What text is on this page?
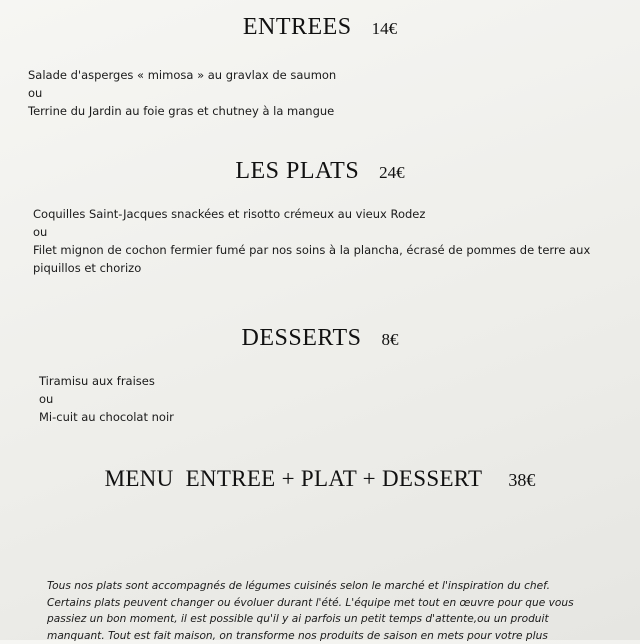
ENTREES 14€
Salade d'asperges « mimosa » au gravlax de saumon
ou
Terrine du Jardin au foie gras et chutney à la mangue
LES PLATS 24€
Coquilles Saint-Jacques snackées et risotto crémeux au vieux Rodez
ou
Filet mignon de cochon fermier fumé par nos soins à la plancha, écrasé de pommes de terre aux piquillos et chorizo
DESSERTS 8€
Tiramisu aux fraises
ou
Mi-cuit au chocolat noir
MENU  ENTREE + PLAT + DESSERT 38€
Tous nos plats sont accompagnés de légumes cuisinés selon le marché et l'inspiration du chef. Certains plats peuvent changer ou évoluer durant l'été. L'équipe met tout en œuvre pour que vous passiez un bon moment, il est possible qu'il y ai parfois un petit temps d'attente,ou un produit manquant. Tout est fait maison, on transforme nos produits de saison en mets pour votre plus
